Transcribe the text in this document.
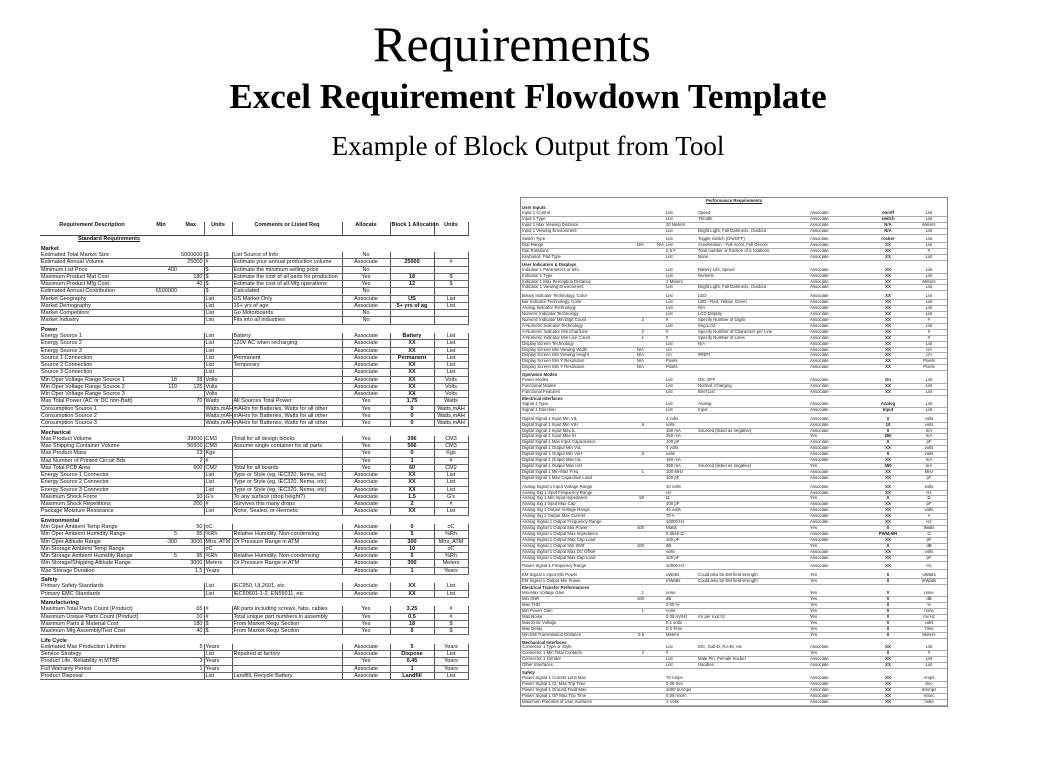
Requirements
Excel Requirement Flowdown Template
Example of Block Output from Tool
Requirement Description	Min	Max	Units	Comments or Listed Req	Allocate	Block 1 Allocation	Units
Standard Requirements							
Market							
Estimated Total Market Size		5000000	$	List Source of Info	No		
Estimated Annual Volume		25000	#	Estimate your annual production volume	Associate	25000	#
Minimum List Price	400		$	Estimate the minimum selling price	No		
Maximum Product Mat Cost		180	$	Estimate the cost of all parts for production	Yes	18	$
Maximum Product Mfg Cost		40	$	Estimate the cost of all Mfg operations	Yes	12	$
Estimated Annual Contribution	6500000		$	Calculated	No		
Market Geography			List	US Market Only	Associate	US	List
Market Demography			List	16+ yrs of age	Associate	5+ yrs of ag	List
Market Competitors			List	Go Motorboards	No		
Market Industry			List	Fits into all industries	No		
Power							
Energy Source 1			List	Battery	Associate	Battery	List
Energy Source 2			List	120V AC when recharging	Associate	XX	List
Energy Source 3			List		Associate	XX	List
Source 1 Connection			List	Permanent	Associate	Permanent	List
Source 2 Connection			List	Temporary	Associate	XX	List
Source 3 Connection			List		Associate	XX	List
Min Oper Voltage Range Source 1	18	28	Volts		Associate	XX	Volts
Min Oper Voltage Range Source 2	110	125	Volts		Associate	XX	Volts
Min Oper Voltage Range Source 3			Volts		Associate	XX	Volts
Max Total Power (AC or DC non-Batt)		70	Watts	All Sources Total Power	Yes	1.75	Watts
Consumption Source 1			Watts,mAH	mAHrs for Batteries, Watts for all other	Yes	0	Watts,mAH
Consumption Source 2			Watts,mAH	mAHrs for Batteries, Watts for all other	Yes	0	Watts,mAH
Consumption Source 3			Watts,mAH	mAHrs for Batteries, Watts for all other	Yes	0	Watts,mAH
Mechanical							
Max Product Volume		39600	CM3	Total for all design blocks	Yes	396	CM3
Max Shipping Container Volume		56600	CM3	Assume single container for all parts	Yes	566	CM3
Max Product Mass		23	Kgs		Yes	0	Kgs
Max Number of Printed Circuit Bds		2	#		Yes	1	#
Max Total PCB Area		600	CM2	Total for all boards	Yes	60	CM2
Energy Source 1 Connector			List	Type or Style (eg, IEC320, Nema, etc)	Associate	XX	List
Energy Source 2 Connector			List	Type or Style (eg, IEC320, Nema, etc)	Associate	XX	List
Energy Source 3 Connector			List	Type or Style (eg, IEC320, Nema, etc)	Associate	XX	List
Maximum Shock Force		10	G's	To any surface (drop height?)	Associate	1.5	G's
Maximum Shock Repetitions		200	#	Survives this many drops	Associate	2	#
Package Moisture Resistance			List	None, Sealed, or Hermetic	Associate	XX	List
Environmental							
Min Oper Ambient Temp Range		50	oC		Associate	0	oC
Min Oper Ambient Humidity Range	5	95	%Rh	Relative Humidity, Non-condensing	Associate	5	%Rh
Min Oper Altitude Range	-300	3000	Mtrs, ATM	Or Pressure Range in ATM	Associate	300	Mtrs, ATM
Min Storage Ambient Temp Range			oC		Associate	10	oC
Min Storage Ambient Humidity Range	5	95	%Rh	Relative Humidity, Non-condensing	Associate	5	%Rh
Min Storage/Shipping Altitude Range		3000	Meters	Or Pressure Range in ATM	Associate	300	Meters
Max Storage Duration		1.5	Years		Associate	1	Years
Safety							
Primary Safety Standards			List	IEC950, UL2601, etc	Associate	XX	List
Primary EMC Standards			List	IEC60601-1-2, EN55011, etc	Associate	XX	List
Manufacturing							
Maximum Total Parts Count (Product)		65	#	All parts including screws, fabs, cables	Yes	3.25	#
Maximum Unique Parts Count (Product)		10	#	Total unique part numbers in assembly	Yes	0.5	#
Maximum Parts & Material Cost		180	$	From Market Requ Section	Yes	18	$
Maximum Mfg Assembly/Test Cost		40	$	From Market Requ Section	Yes	0	$
Life Cycle							
Estimated Max Production Lifetime		5	Years		Associate	5	Years
Service Strategy			List	Repaired at factory	Associate	Dispose	List
Product Life, Reliability in MTBF		3	Years		Yes	0.45	Years
Full Warranty Period		1	Years		Associate	1	Years
Product Disposal			List	Landfill, Recycle Battery	Associate	Landfill	List
Performance Requirements							
User Inputs							
Input 1 Control			List	Speed	Associate	on/off	List
Input 1 Type			List	Throttle	Associate	switch	List
Input 1 Max Viewing Distance			20 Meters		Associate	N/A	Meters
Input 1 Viewing Environment			List	Bright Light, Full Darkness, Outdoor	Associate	N/A	List

Switch Type			List	Toggle Switch (ON/OFF)	Associate	rocker	List
Dial Range	N/A	N/A	List	Acceleration - Full Accel, Full Deccel	Associate	XX	List
Dial Rotations			0.5 #	Total number or fraction of a rotations	Associate	XX	#
Keyboard, Pad Type			List	None	Associate	XX	List
User Indicators & Displays							
Indicator 1 Parameters or Info			List	Battery Life, Speed	Associate	XX	List
Indicator 1 Type			List	Numeric	Associate	XX	List
Indicator 1 Max Perception Distance			1 Meters		Associate	XX	Meters
Indicator 1 Viewing Environment			List	Bright Light, Full Darkness, Outdoor	Associate	XX	List

Binary Indicator Technology, Color			List	LED	Associate	XX	List
Bar Indicator Technology, Color			List	LED - Red, Yellow, Green	Associate	XX	List
Analog Indicator Technology			List	N/A	Associate	XX	List
Numeric Indicator Technology			List	LCD Display	Associate	XX	List
Numeric Indicator Min Digit Count	2		#	Specify Number of Digits	Associate	XX	#
A-Numeric Indicator Technology			List	Seg LCD	Associate	XX	List
A-Numeric Indicator Min Char/Line	2		#	Specify Number of Characters per Line	Associate	XX	#
A-Numeric Indicator Min Line Count	1		#	Specify Number of Lines	Associate	XX	#
Display Screen Technology			List	N/A	Associate	XX	List
Display Screen Min Viewing Width	N/A		cm		Associate	XX	cm
Display Screen Min Viewing Height	N/A		cm	#REF!	Associate	XX	cm
Display Screen Min Y Resolution	N/A		Pixels		Associate	XX	Pixels
Display Screen Min Y Resolution	N/A		Pixels		Associate	XX	Pixels
Operation Modes							
Power Modes			List	ON, OFF	Associate	On	List
Functional Modes			List	Normal, Charging	Associate	XX	List
Functional Features			List	Brief List	Associate	XX	List
Electrical Interfaces							
Signal 1 Type			List	Analog	Associate	Analog	List
Signal 1 Direction			List	Input	Associate	Input	List

Digital Signal 1 Input Min VIL			4 volts		Associate	0	volts
Digital Signal 1 Input Min VIH	6		volts		Associate	10	volts
Digital Signal 1 Input Max IL			150 mA	Sourced (listed as negative)	Associate	0	mA
Digital Signal 1 Input Max IH			350 mA		Yes	350	mA
Digital Signal 1 Max Input Capacitance			100 pF		Associate	0	pF
Digital Signal 1 Output Min VoL			4 volts		Associate	XX	volts
Digital Signal 1 Output Min VoH	6		volts		Associate	5	volts
Digital Signal 1 Output Max IoL			150 mA		Associate	XX	mA
Digital Signal 1 Output Max IoH			350 mA	Sourced (listed as negative)	Yes	350	mA
Digital Signal 1 Min-Max Freq	1		100 MHz		Associate	XX	MHz
Digital Signal 1 Max Capacitive Load			100 pF		Associate	XX	pF

Analog Signal 1 Input Voltage Range			10 volts		Associate	XX	volts
Analog Sig 1 Input Frequency Range			Hz		Associate	XX	Hz
Analog Sig 1 Min Input Impedance	50		Ω		Yes	0	Ω
Analog Sig 1 Input Max Cap			300 pF		Associate	XX	pF
Analog Sig 1 Output Voltage Range			45 volts		Associate	XX	volts
Analog Sig 1 Output Max Current			70 A		Associate	XX	A
Analog Signal 1 Output Frequency Range			10000 Hz		Associate	XX	Hz
Analog Signal 1 Output Min Power	400		Watts		Yes	0	Watts
Analog Signal 1 Output Max Impedance			0.3616 Ω		Associate	PWM,MH	Ω
Analog Signal 1 Output Max Cap Load			100 pF		Associate	XX	pF
Analog Signal 1 Output Min SNR	100		dB		Yes	0	dB
Analog Signal 1 Output Max DC Offset			volts		Associate	XX	volts
Analog Signal 1 Output Max Cap Load			100 pF		Associate	XX	pF

Power Signal 1 Frequency Range			10000 Hz		Associate	XX	Hz

EM Signal 1 Input Min Power			uWatts	Could also be EM field strength	Yes	0	uWatts
EM Signal 1 Output Min Power			mWatts	Could also be EM field strength	Yes	0	mWatts
Electrical Transfer Performances							
Min-Max Voltage Gain	1		none		Yes	0	none
Min SNR	100		dB		Yes	0	dB
Max THD			0.05 %		Yes	0	%
Min Power Gain	1		none		Yes	0	none
Max Noise			0.05 nV/Hz	nV per root hz	Yes	0	nV/Hz
Max Error Voltage			0.1 volts		Yes	0	volts
Max Delay			0.2 Time		Yes	0	Time
Min EM Transmission Distance	0.5		Meters		Yes	0	Meters
Mechanical Interfaces							
Connector 1 Type or Style			List	IDC, Sub-D, RJ-45, etc	Associate	XX	List
Connector 1 Min Total Contacts	2		#		Yes	0	#
Connector 1 Gender			List	Male Pin, Female Socket	Associate	XX	List
Other Interfaces			List	Handles	Associate	XX	List
Safety							
Power Signal 1 Current Limit Max			70 Amps		Associate	XX	Amps
Power Signal 1 CL Max Trip Time			0.05 Sec		Associate	XX	Sec
Power Signal 1 Ground Fault Max			1000 mAmps		Associate	XX	mAmps
Power Signal 1 GF Max Trip Time			0.05 mSec		Associate	XX	mSec
Maximum Potential of User Surfaces			1 Volts		Associate	XX	Volts
